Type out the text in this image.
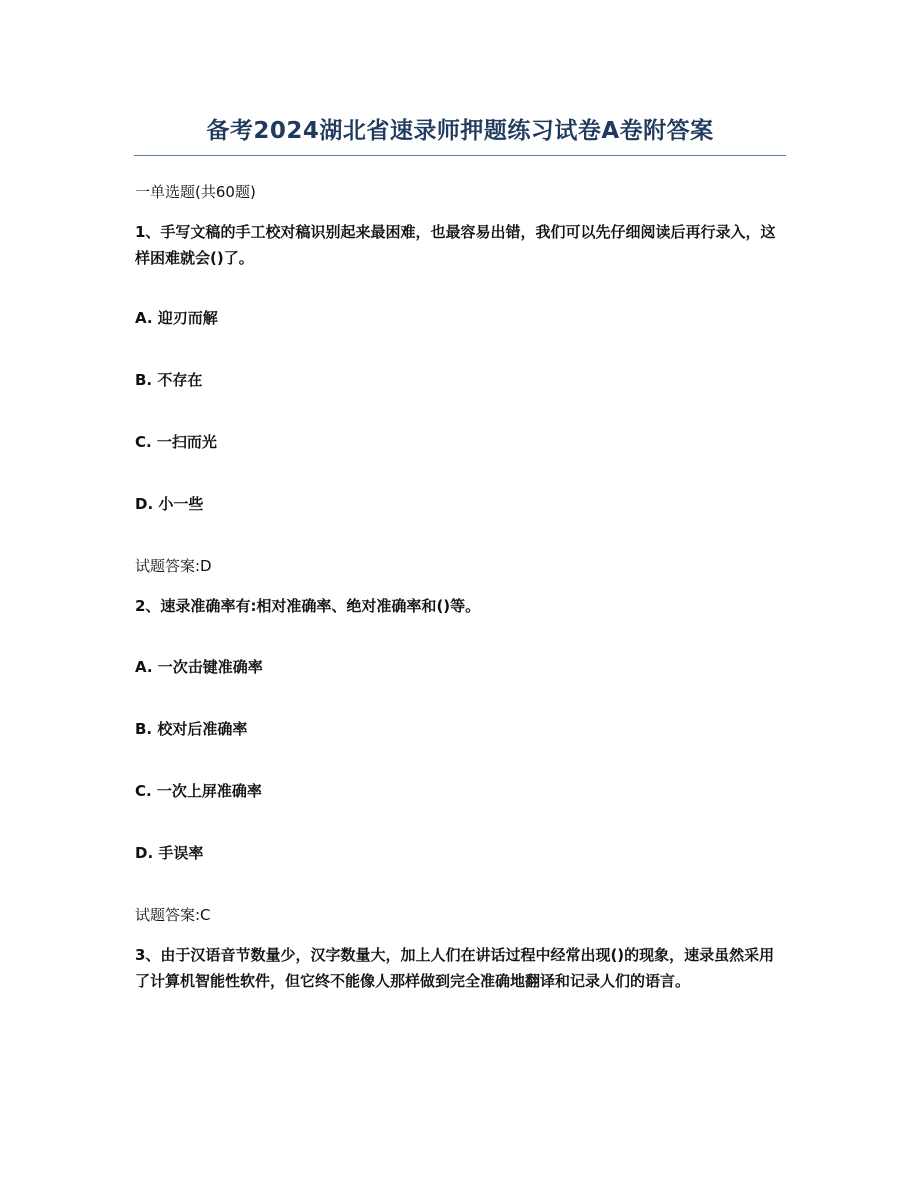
备考2024湖北省速录师押题练习试卷A卷附答案
一单选题(共60题)
1、手写文稿的手工校对稿识别起来最困难，也最容易出错，我们可以先仔细阅读后再行录入，这样困难就会()了。
A. 迎刃而解
B. 不存在
C. 一扫而光
D. 小一些
试题答案:D
2、速录准确率有:相对准确率、绝对准确率和()等。
A. 一次击键准确率
B. 校对后准确率
C. 一次上屏准确率
D. 手误率
试题答案:C
3、由于汉语音节数量少，汉字数量大，加上人们在讲话过程中经常出现()的现象，速录虽然采用了计算机智能性软件，但它终不能像人那样做到完全准确地翻译和记录人们的语言。
